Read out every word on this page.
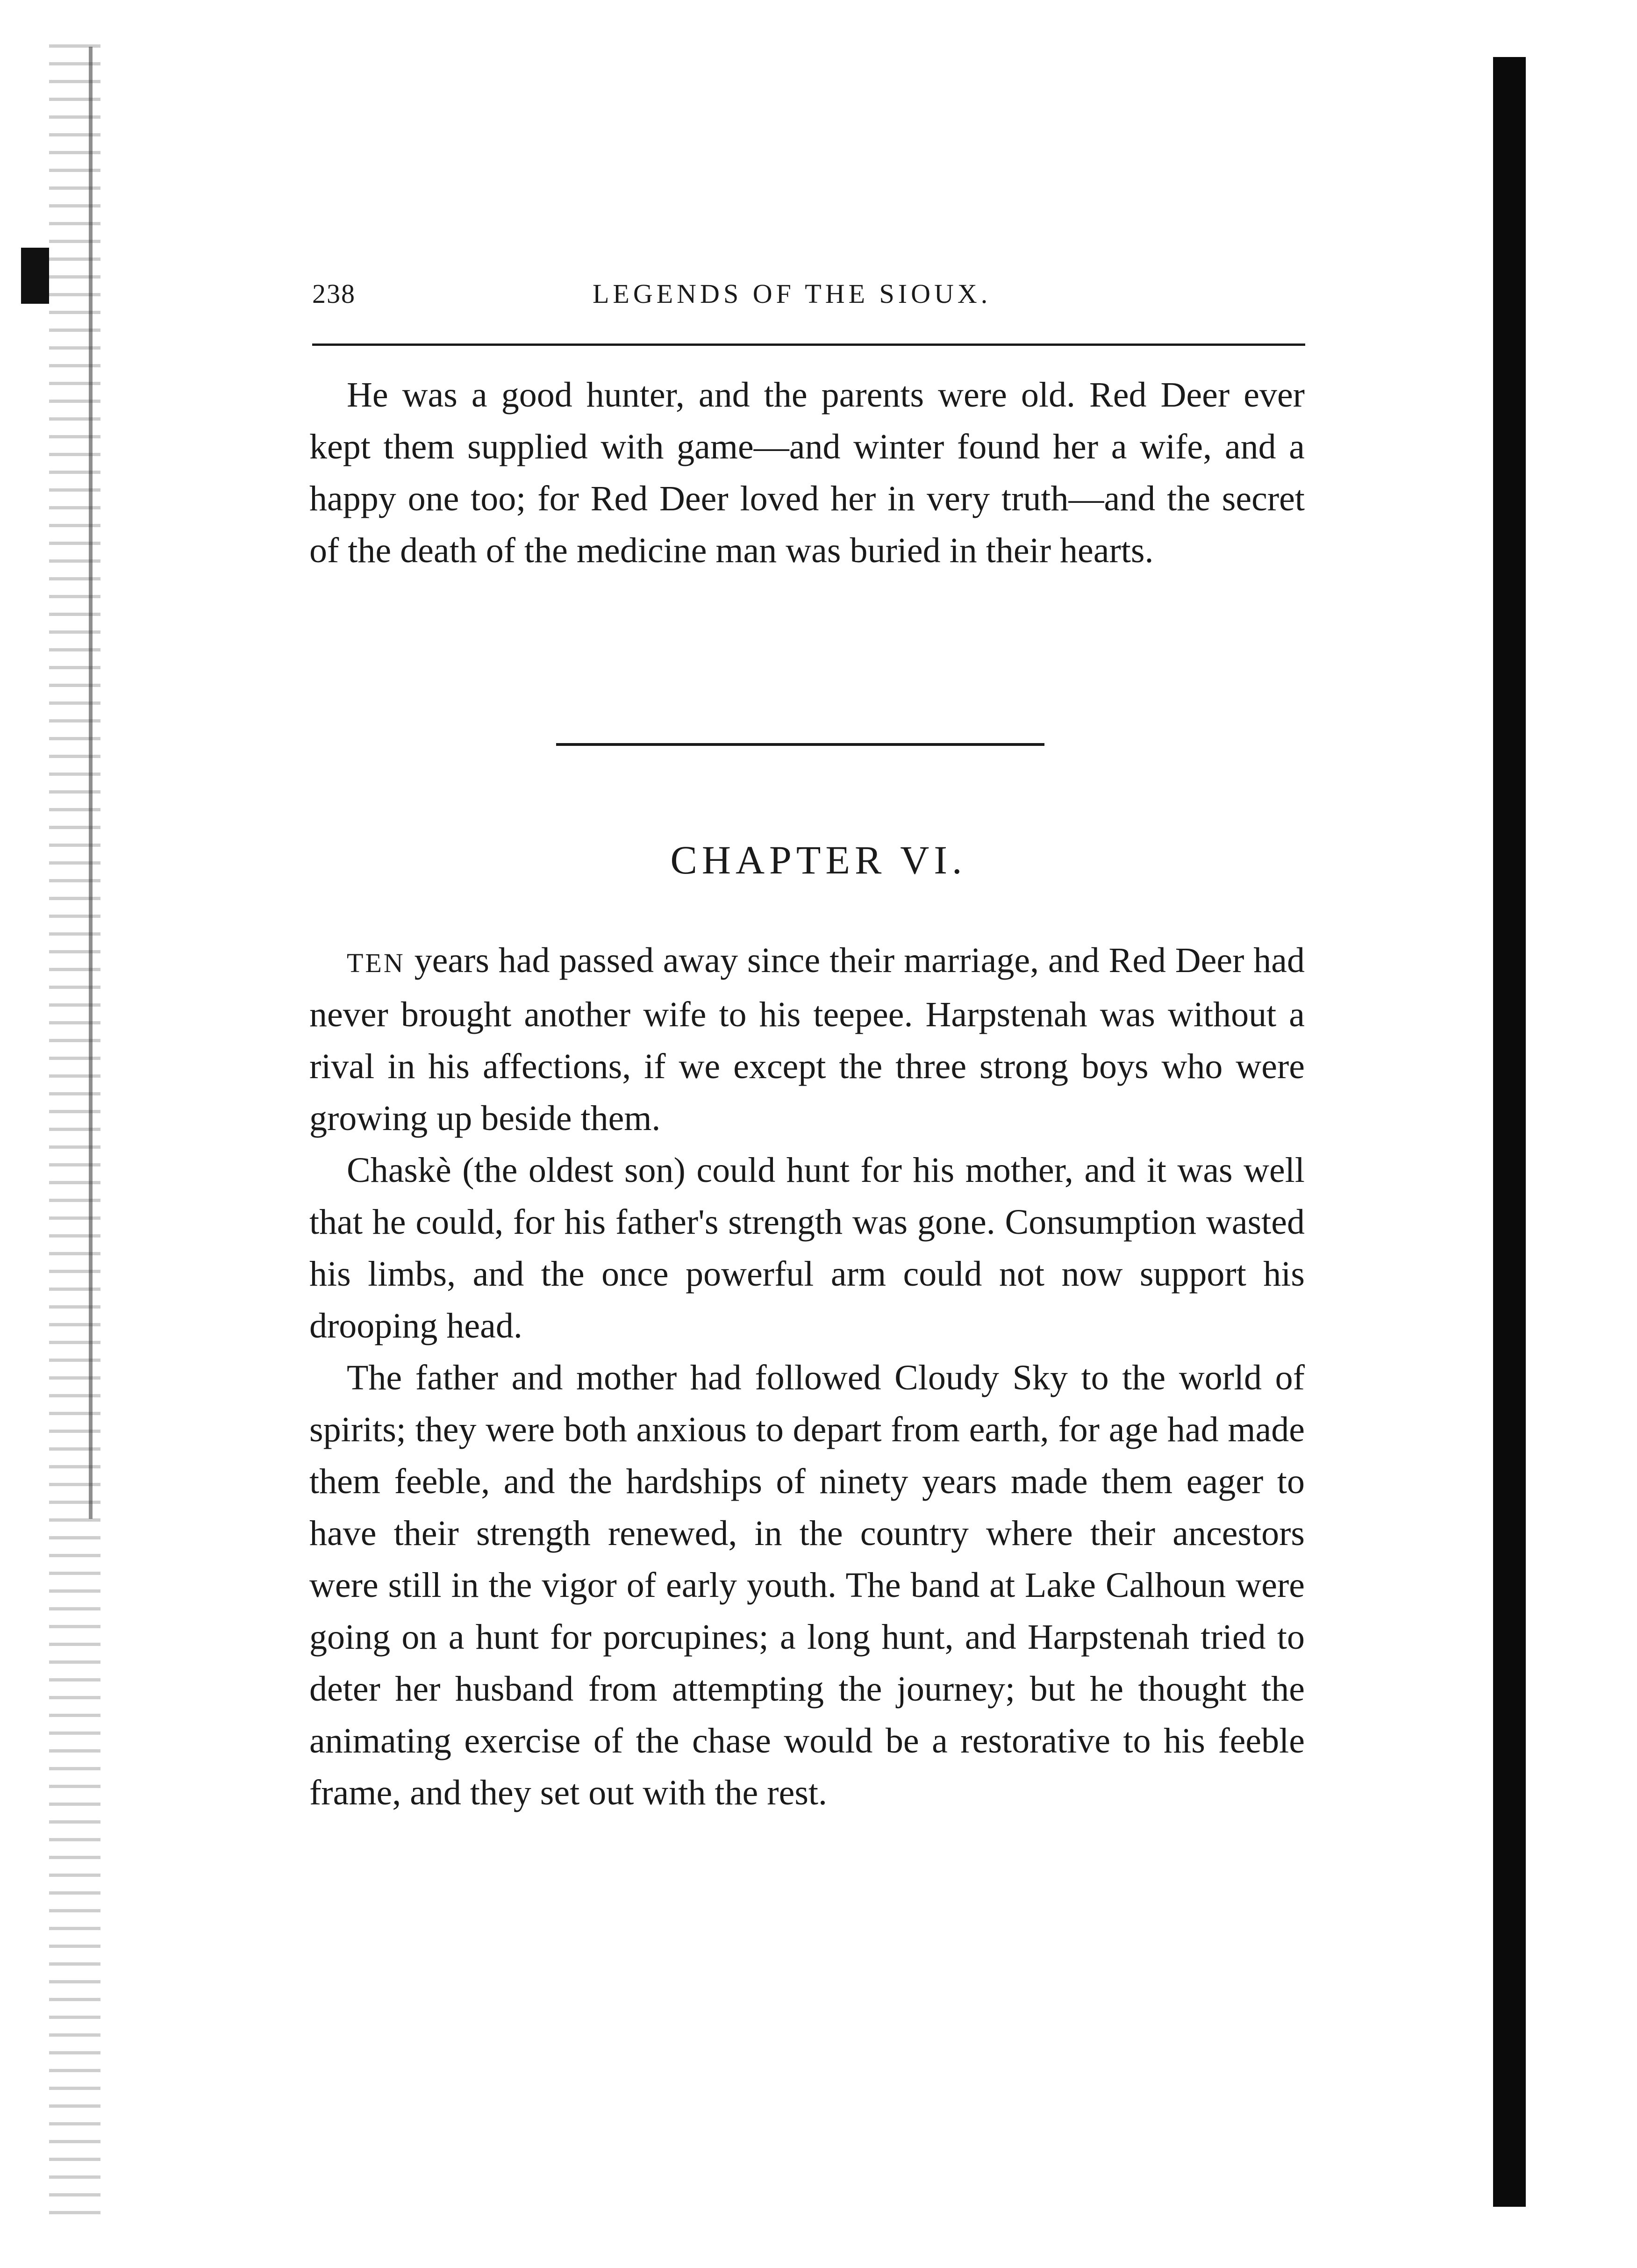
238	LEGENDS OF THE SIOUX.

He was a good hunter, and the parents were old. Red Deer ever kept them supplied with game—and winter found her a wife, and a happy one too; for Red Deer loved her in very truth—and the secret of the death of the medicine man was buried in their hearts.

CHAPTER VI.

TEN years had passed away since their marriage, and Red Deer had never brought another wife to his teepee. Harpstenah was without a rival in his affections, if we except the three strong boys who were growing up beside them.

Chaskè (the oldest son) could hunt for his mother, and it was well that he could, for his father's strength was gone. Consumption wasted his limbs, and the once powerful arm could not now support his drooping head.

The father and mother had followed Cloudy Sky to the world of spirits; they were both anxious to depart from earth, for age had made them feeble, and the hardships of ninety years made them eager to have their strength renewed, in the country where their ancestors were still in the vigor of early youth. The band at Lake Calhoun were going on a hunt for porcupines; a long hunt, and Harpstenah tried to deter her husband from attempting the journey; but he thought the animating exercise of the chase would be a restorative to his feeble frame, and they set out with the rest.
